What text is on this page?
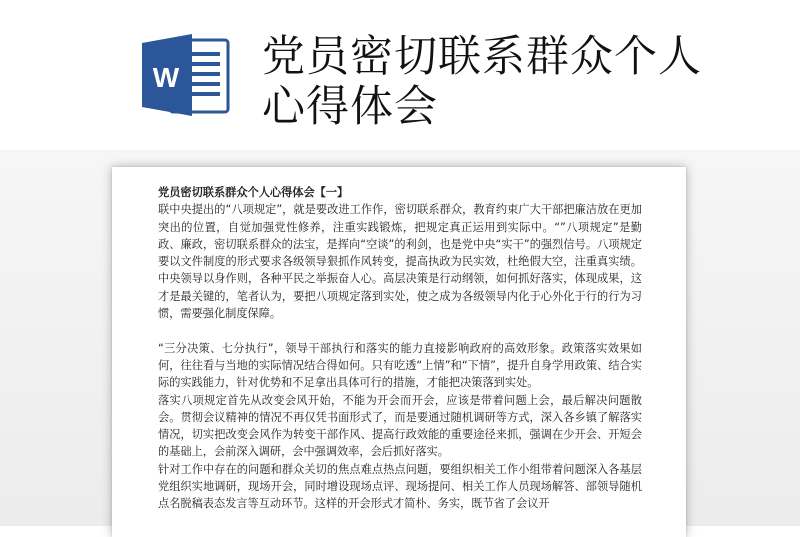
W 党员密切联系群众个人心得体会

党员密切联系群众个人心得体会【一】

联中央提出的“八项规定”，就是要改进工作作，密切联系群众，教育约束广大干部把廉洁放在更加突出的位置，自觉加强党性修养，注重实践锻炼，把规定真正运用到实际中。“”八项规定”是勤政、廉政，密切联系群众的法宝，是挥向“空谈”的利剑，也是党中央“实干”的强烈信号。八项规定要以文件制度的形式要求各级领导狠抓作风转变，提高执政为民实效，杜绝假大空，注重真实绩。中央领导以身作则，各种平民之举振奋人心。高层决策是行动纲领，如何抓好落实，体现成果，这才是最关键的，笔者认为，要把八项规定落到实处，使之成为各级领导内化于心外化于行的行为习惯，需要强化制度保障。

“三分决策、七分执行”，领导干部执行和落实的能力直接影响政府的高效形象。政策落实效果如何，往往看与当地的实际情况结合得如何。只有吃透“上情”和“下情”，提升自身学用政策、结合实际的实践能力，针对优势和不足拿出具体可行的措施，才能把决策落到实处。

落实八项规定首先从改变会风开始，不能为开会而开会，应该是带着问题上会，最后解决问题散会。贯彻会议精神的情况不再仅凭书面形式了，而是要通过随机调研等方式，深入各乡镇了解落实情况，切实把改变会风作为转变干部作风、提高行政效能的重要途径来抓，强调在少开会、开短会的基础上，会前深入调研，会中强调效率，会后抓好落实。

针对工作中存在的问题和群众关切的焦点难点热点问题，要组织相关工作小组带着问题深入各基层党组织实地调研，现场开会，同时增设现场点评、现场提问、相关工作人员现场解答、部领导随机点名脱稿表态发言等互动环节。这样的开会形式才简朴、务实，既节省了会议开
